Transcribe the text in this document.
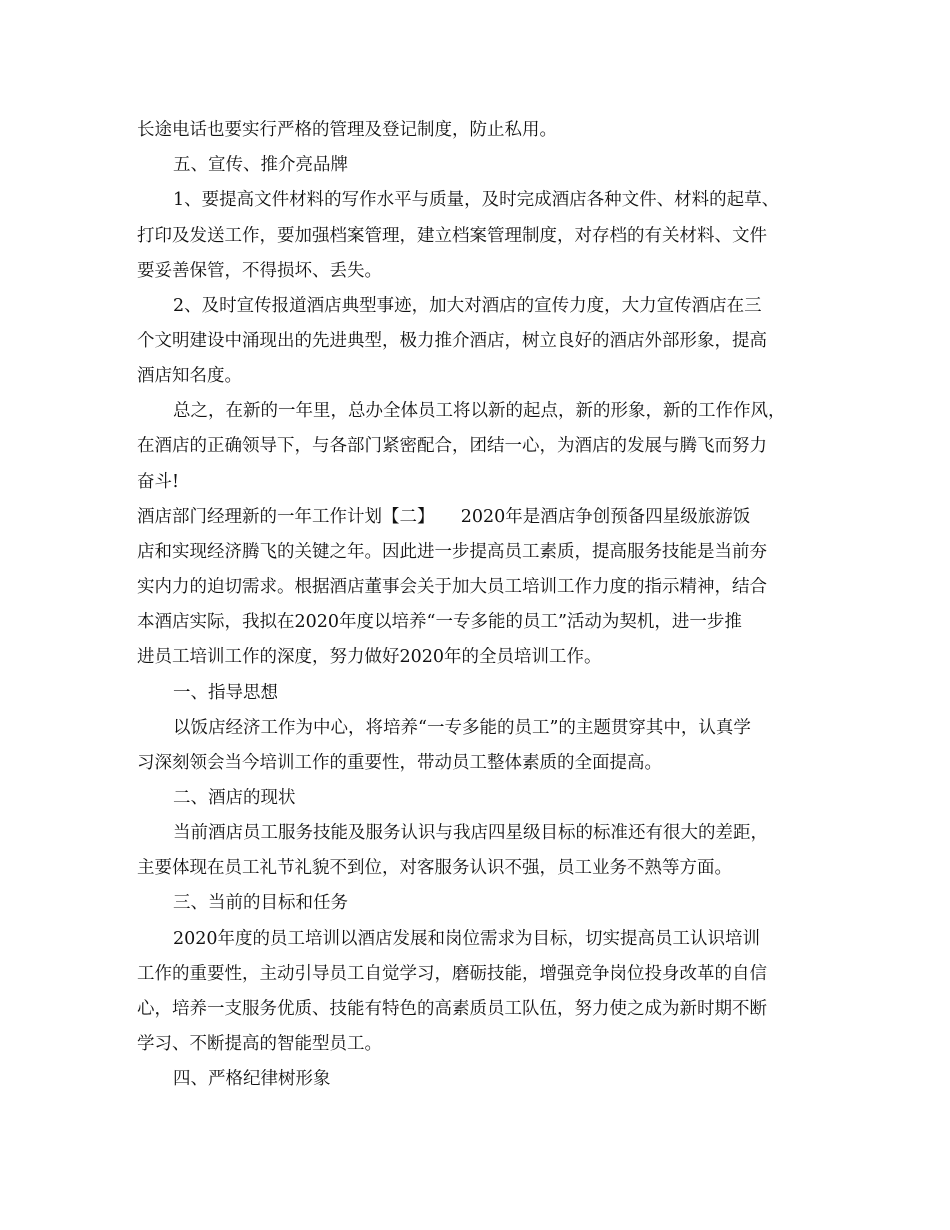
长途电话也要实行严格的管理及登记制度，防止私用。
五、宣传、推介亮品牌
1、要提高文件材料的写作水平与质量，及时完成酒店各种文件、材料的起草、
打印及发送工作，要加强档案管理，建立档案管理制度，对存档的有关材料、文件
要妥善保管，不得损坏、丢失。
2、及时宣传报道酒店典型事迹，加大对酒店的宣传力度，大力宣传酒店在三
个文明建设中涌现出的先进典型，极力推介酒店，树立良好的酒店外部形象，提高
酒店知名度。
总之，在新的一年里，总办全体员工将以新的起点，新的形象，新的工作作风，
在酒店的正确领导下，与各部门紧密配合，团结一心，为酒店的发展与腾飞而努力
奋斗!
酒店部门经理新的一年工作计划【二】　　2020年是酒店争创预备四星级旅游饭
店和实现经济腾飞的关键之年。因此进一步提高员工素质，提高服务技能是当前夯
实内力的迫切需求。根据酒店董事会关于加大员工培训工作力度的指示精神，结合
本酒店实际，我拟在2020年度以培养“一专多能的员工”活动为契机，进一步推
进员工培训工作的深度，努力做好2020年的全员培训工作。
一、指导思想
以饭店经济工作为中心，将培养“一专多能的员工”的主题贯穿其中，认真学
习深刻领会当今培训工作的重要性，带动员工整体素质的全面提高。
二、酒店的现状
当前酒店员工服务技能及服务认识与我店四星级目标的标准还有很大的差距，
主要体现在员工礼节礼貌不到位，对客服务认识不强，员工业务不熟等方面。
三、当前的目标和任务
2020年度的员工培训以酒店发展和岗位需求为目标，切实提高员工认识培训
工作的重要性，主动引导员工自觉学习，磨砺技能，增强竞争岗位投身改革的自信
心，培养一支服务优质、技能有特色的高素质员工队伍，努力使之成为新时期不断
学习、不断提高的智能型员工。
四、严格纪律树形象
